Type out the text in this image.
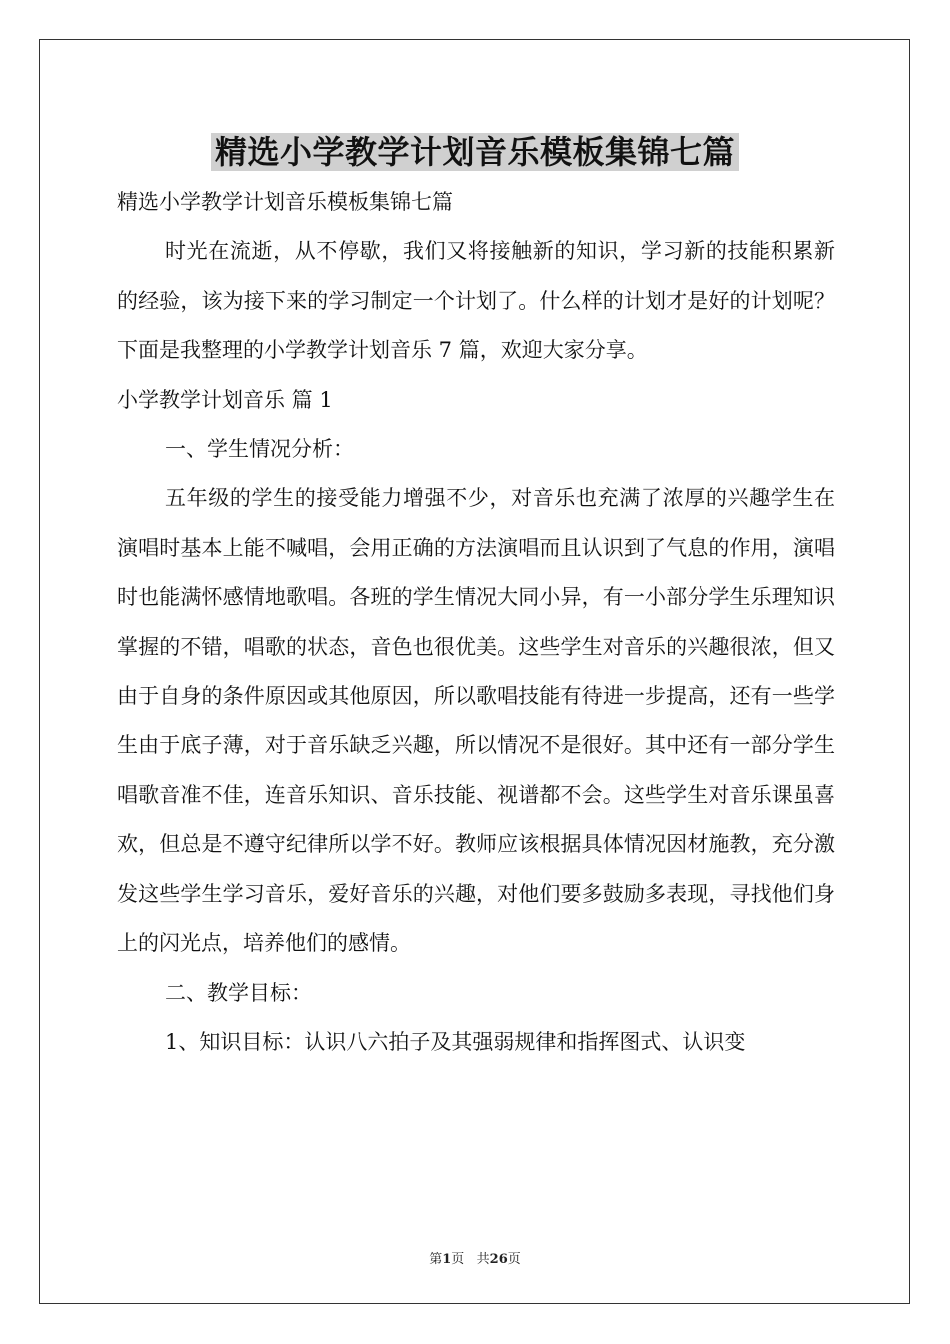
精选小学教学计划音乐模板集锦七篇

精选小学教学计划音乐模板集锦七篇

时光在流逝，从不停歇，我们又将接触新的知识，学习新的技能积累新的经验，该为接下来的学习制定一个计划了。什么样的计划才是好的计划呢？下面是我整理的小学教学计划音乐 7 篇，欢迎大家分享。

小学教学计划音乐 篇 1

一、学生情况分析：

五年级的学生的接受能力增强不少，对音乐也充满了浓厚的兴趣学生在演唱时基本上能不喊唱，会用正确的方法演唱而且认识到了气息的作用，演唱时也能满怀感情地歌唱。各班的学生情况大同小异，有一小部分学生乐理知识掌握的不错，唱歌的状态，音色也很优美。这些学生对音乐的兴趣很浓，但又由于自身的条件原因或其他原因，所以歌唱技能有待进一步提高，还有一些学生由于底子薄，对于音乐缺乏兴趣，所以情况不是很好。其中还有一部分学生唱歌音准不佳，连音乐知识、音乐技能、视谱都不会。这些学生对音乐课虽喜欢，但总是不遵守纪律所以学不好。教师应该根据具体情况因材施教，充分激发这些学生学习音乐，爱好音乐的兴趣，对他们要多鼓励多表现，寻找他们身上的闪光点，培养他们的感情。

二、教学目标：

1、知识目标：认识八六拍子及其强弱规律和指挥图式、认识变

第1页   共26页
